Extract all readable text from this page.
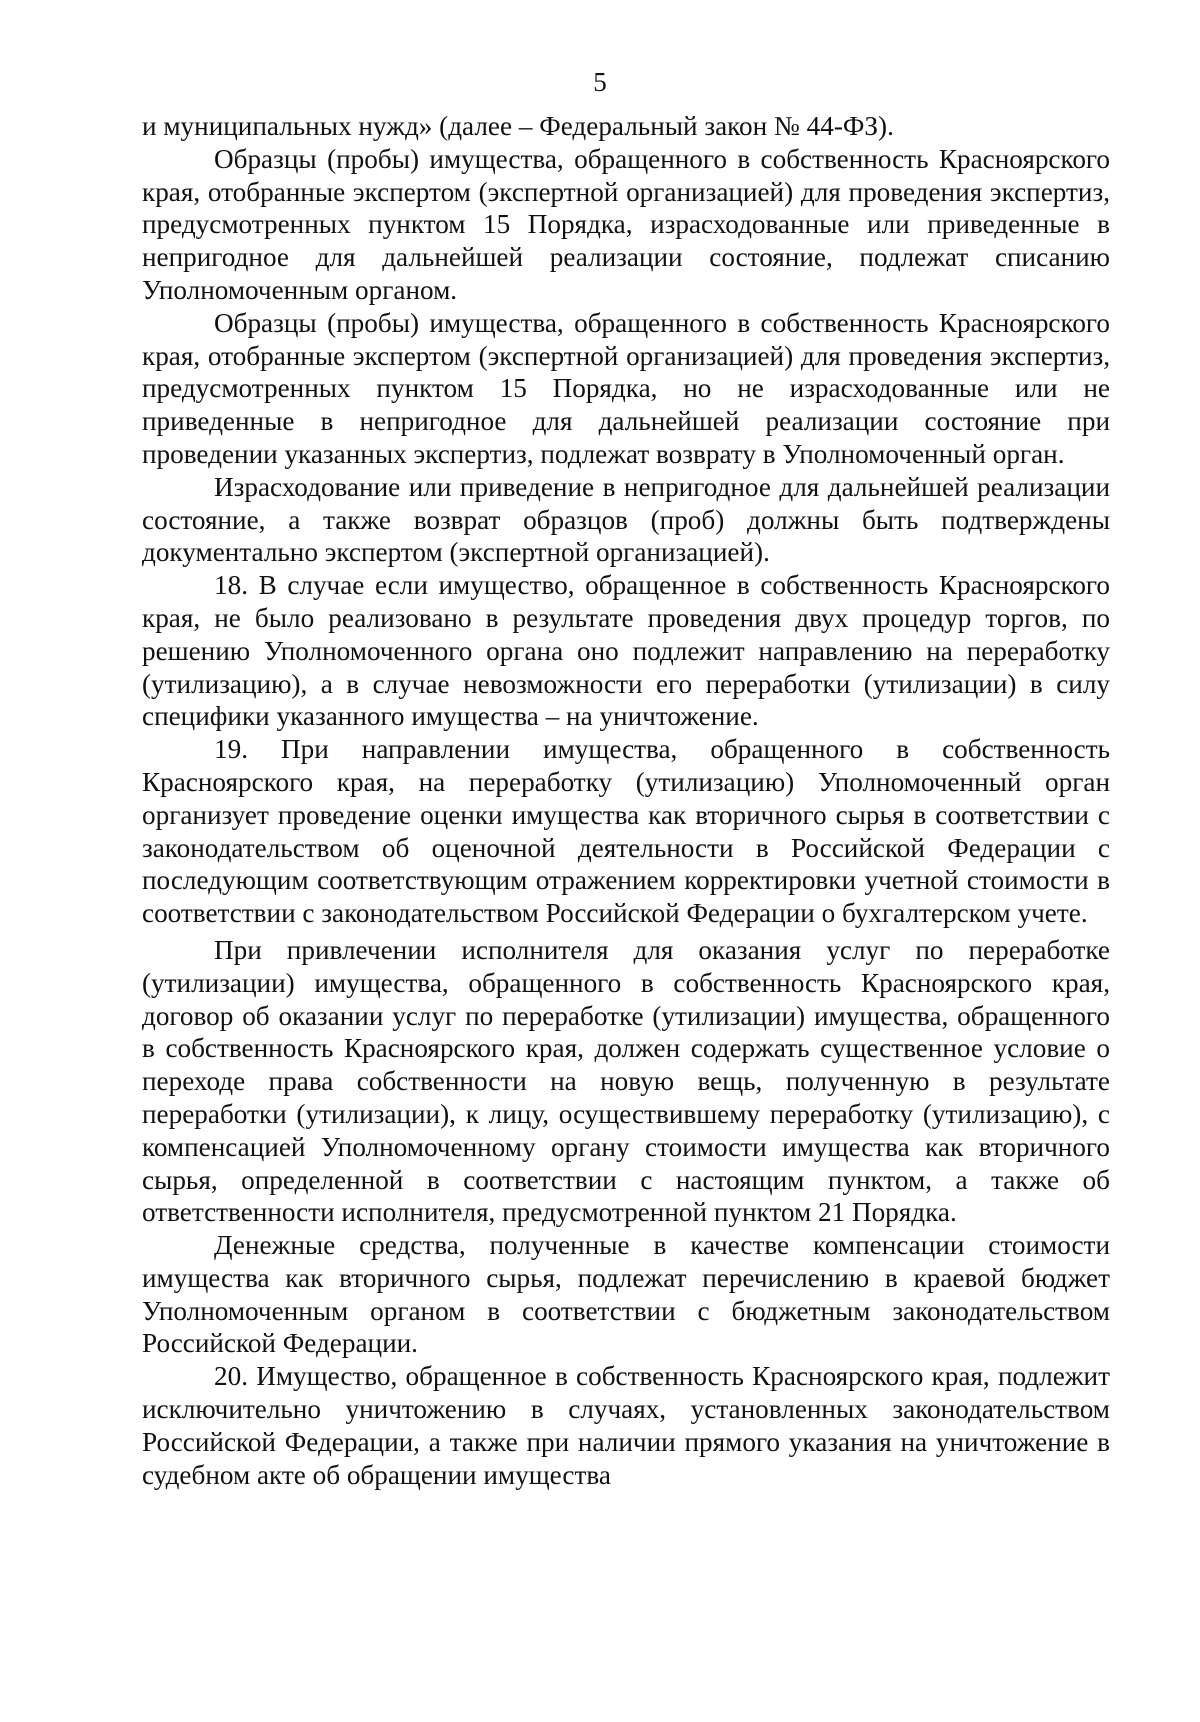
5

и муниципальных нужд» (далее – Федеральный закон № 44-ФЗ).

Образцы (пробы) имущества, обращенного в собственность Красноярского края, отобранные экспертом (экспертной организацией) для проведения экспертиз, предусмотренных пунктом 15 Порядка, израсходованные или приведенные в непригодное для дальнейшей реализации состояние, подлежат списанию Уполномоченным органом.

Образцы (пробы) имущества, обращенного в собственность Красноярского края, отобранные экспертом (экспертной организацией) для проведения экспертиз, предусмотренных пунктом 15 Порядка, но не израсходованные или не приведенные в непригодное для дальнейшей реализации состояние при проведении указанных экспертиз, подлежат возврату в Уполномоченный орган.

Израсходование или приведение в непригодное для дальнейшей реализации состояние, а также возврат образцов (проб) должны быть подтверждены документально экспертом (экспертной организацией).

18. В случае если имущество, обращенное в собственность Красноярского края, не было реализовано в результате проведения двух процедур торгов, по решению Уполномоченного органа оно подлежит направлению на переработку (утилизацию), а в случае невозможности его переработки (утилизации) в силу специфики указанного имущества – на уничтожение.

19. При направлении имущества, обращенного в собственность Красноярского края, на переработку (утилизацию) Уполномоченный орган организует проведение оценки имущества как вторичного сырья в соответствии с законодательством об оценочной деятельности в Российской Федерации с последующим соответствующим отражением корректировки учетной стоимости в соответствии с законодательством Российской Федерации о бухгалтерском учете.

При привлечении исполнителя для оказания услуг по переработке (утилизации) имущества, обращенного в собственность Красноярского края, договор об оказании услуг по переработке (утилизации) имущества, обращенного в собственность Красноярского края, должен содержать существенное условие о переходе права собственности на новую вещь, полученную в результате переработки (утилизации), к лицу, осуществившему переработку (утилизацию), с компенсацией Уполномоченному органу стоимости имущества как вторичного сырья, определенной в соответствии с настоящим пунктом, а также об ответственности исполнителя, предусмотренной пунктом 21 Порядка.

Денежные средства, полученные в качестве компенсации стоимости имущества как вторичного сырья, подлежат перечислению в краевой бюджет Уполномоченным органом в соответствии с бюджетным законодательством Российской Федерации.

20. Имущество, обращенное в собственность Красноярского края, подлежит исключительно уничтожению в случаях, установленных законодательством Российской Федерации, а также при наличии прямого указания на уничтожение в судебном акте об обращении имущества
